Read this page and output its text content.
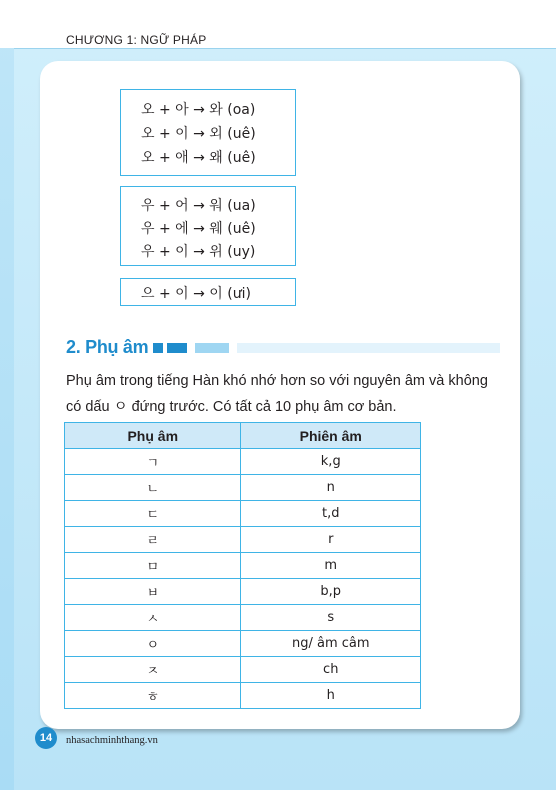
CHƯƠNG 1: NGỮ PHÁP
오 + 아 → 와 (oa)
오 + 이 → 외 (uê)
오 + 애 → 왜 (uê)
우 + 어 → 워 (ua)
우 + 에 → 웨 (uê)
우 + 이 → 위 (uy)
으 + 이 → 이 (ưi)
2. Phụ âm
Phụ âm trong tiếng Hàn khó nhớ hơn so với nguyên âm và không
có dấu ㅇ đứng trước. Có tất cả 10 phụ âm cơ bản.
Phụ âm	Phiên âm
ㄱ	k,g
ㄴ	n
ㄷ	t,d
ㄹ	r
ㅁ	m
ㅂ	b,p
ㅅ	s
ㅇ	ng/ âm câm
ㅈ	ch
ㅎ	h
14	nhasachminhthang.vn
